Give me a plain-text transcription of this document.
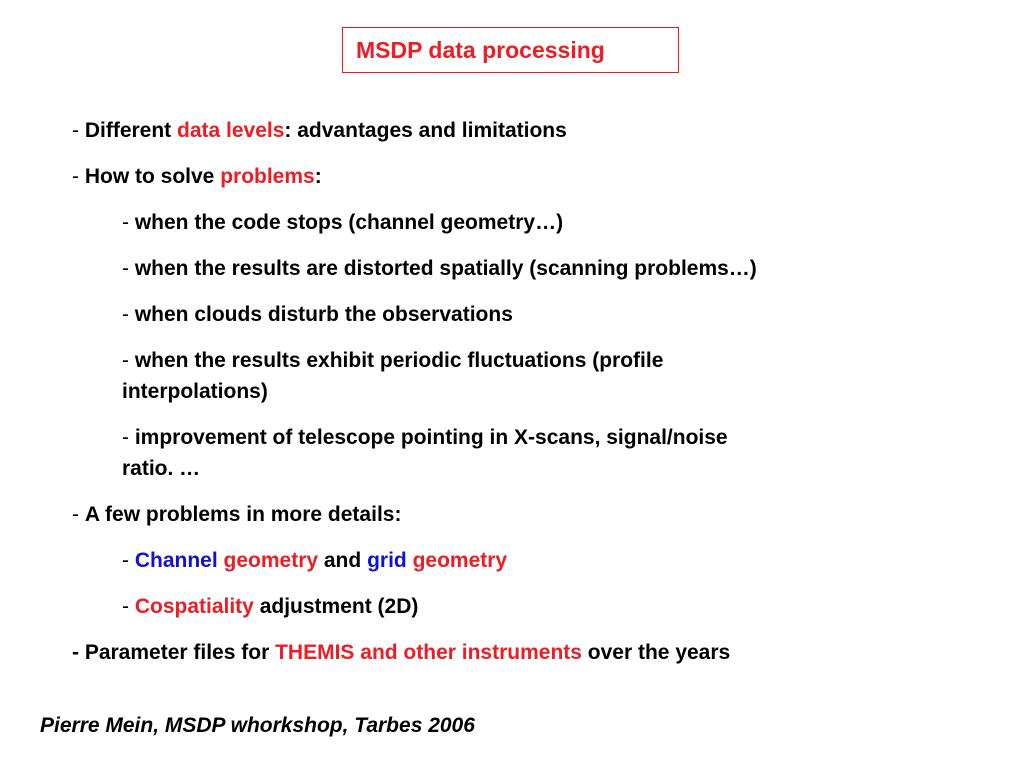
MSDP data processing
- Different data levels: advantages and limitations
- How to solve problems:
- when the code stops (channel geometry…)
- when the results are distorted spatially (scanning problems…)
- when clouds disturb the observations
- when the results exhibit periodic fluctuations (profile
interpolations)
- improvement of telescope pointing in X-scans, signal/noise
ratio. …
- A few problems in more details:
- Channel geometry and grid geometry
- Cospatiality adjustment (2D)
- Parameter files for THEMIS and other instruments over the years
Pierre Mein, MSDP whorkshop, Tarbes 2006
